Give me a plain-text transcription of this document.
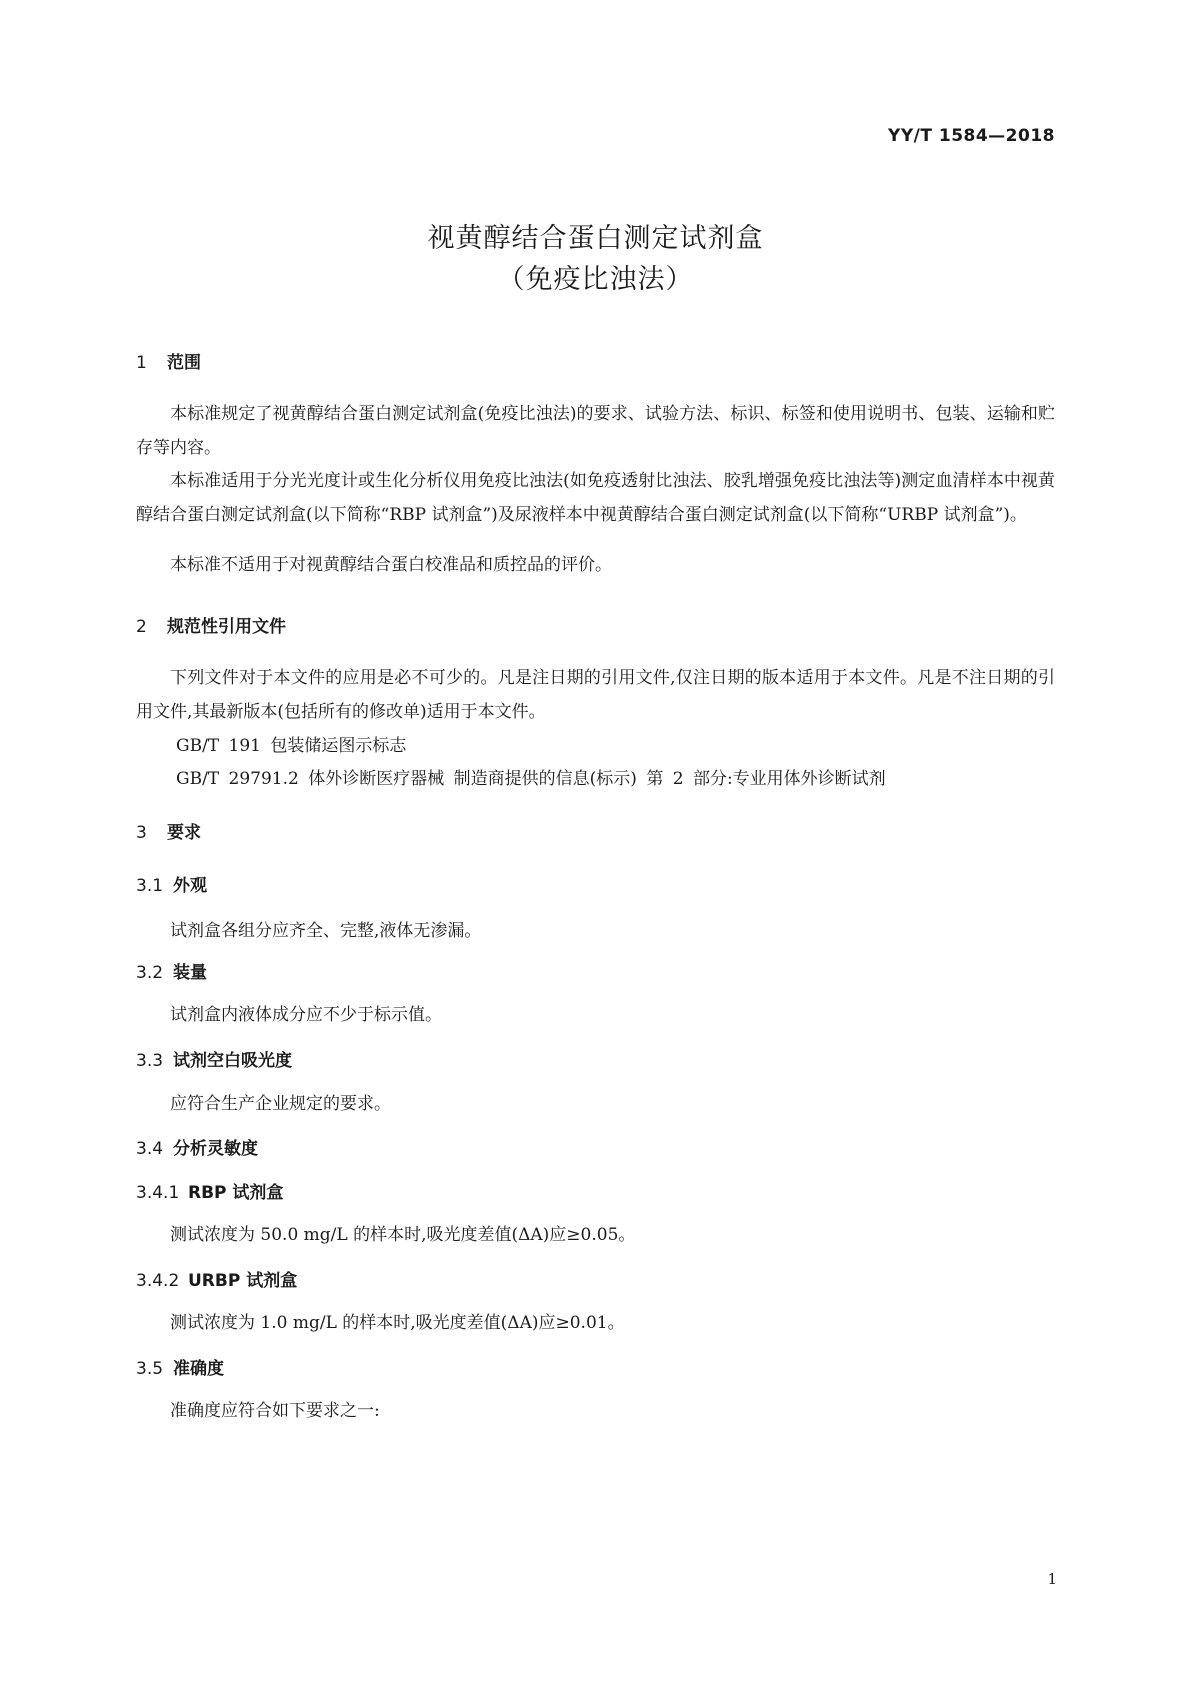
YY/T 1584—2018
视黄醇结合蛋白测定试剂盒
（免疫比浊法）
1 范围
本标准规定了视黄醇结合蛋白测定试剂盒(免疫比浊法)的要求、试验方法、标识、标签和使用说明书、包装、运输和贮存等内容。
本标准适用于分光光度计或生化分析仪用免疫比浊法(如免疫透射比浊法、胶乳增强免疫比浊法等)测定血清样本中视黄醇结合蛋白测定试剂盒(以下简称“RBP 试剂盒”)及尿液样本中视黄醇结合蛋白测定试剂盒(以下简称“URBP 试剂盒”)。
本标准不适用于对视黄醇结合蛋白校准品和质控品的评价。
2 规范性引用文件
下列文件对于本文件的应用是必不可少的。凡是注日期的引用文件,仅注日期的版本适用于本文件。凡是不注日期的引用文件,其最新版本(包括所有的修改单)适用于本文件。
GB/T 191 包装储运图示标志
GB/T 29791.2 体外诊断医疗器械 制造商提供的信息(标示) 第 2 部分:专业用体外诊断试剂
3 要求
3.1 外观
试剂盒各组分应齐全、完整,液体无渗漏。
3.2 装量
试剂盒内液体成分应不少于标示值。
3.3 试剂空白吸光度
应符合生产企业规定的要求。
3.4 分析灵敏度
3.4.1 RBP 试剂盒
测试浓度为 50.0 mg/L 的样本时,吸光度差值(ΔA)应≥0.05。
3.4.2 URBP 试剂盒
测试浓度为 1.0 mg/L 的样本时,吸光度差值(ΔA)应≥0.01。
3.5 准确度
准确度应符合如下要求之一:
1
